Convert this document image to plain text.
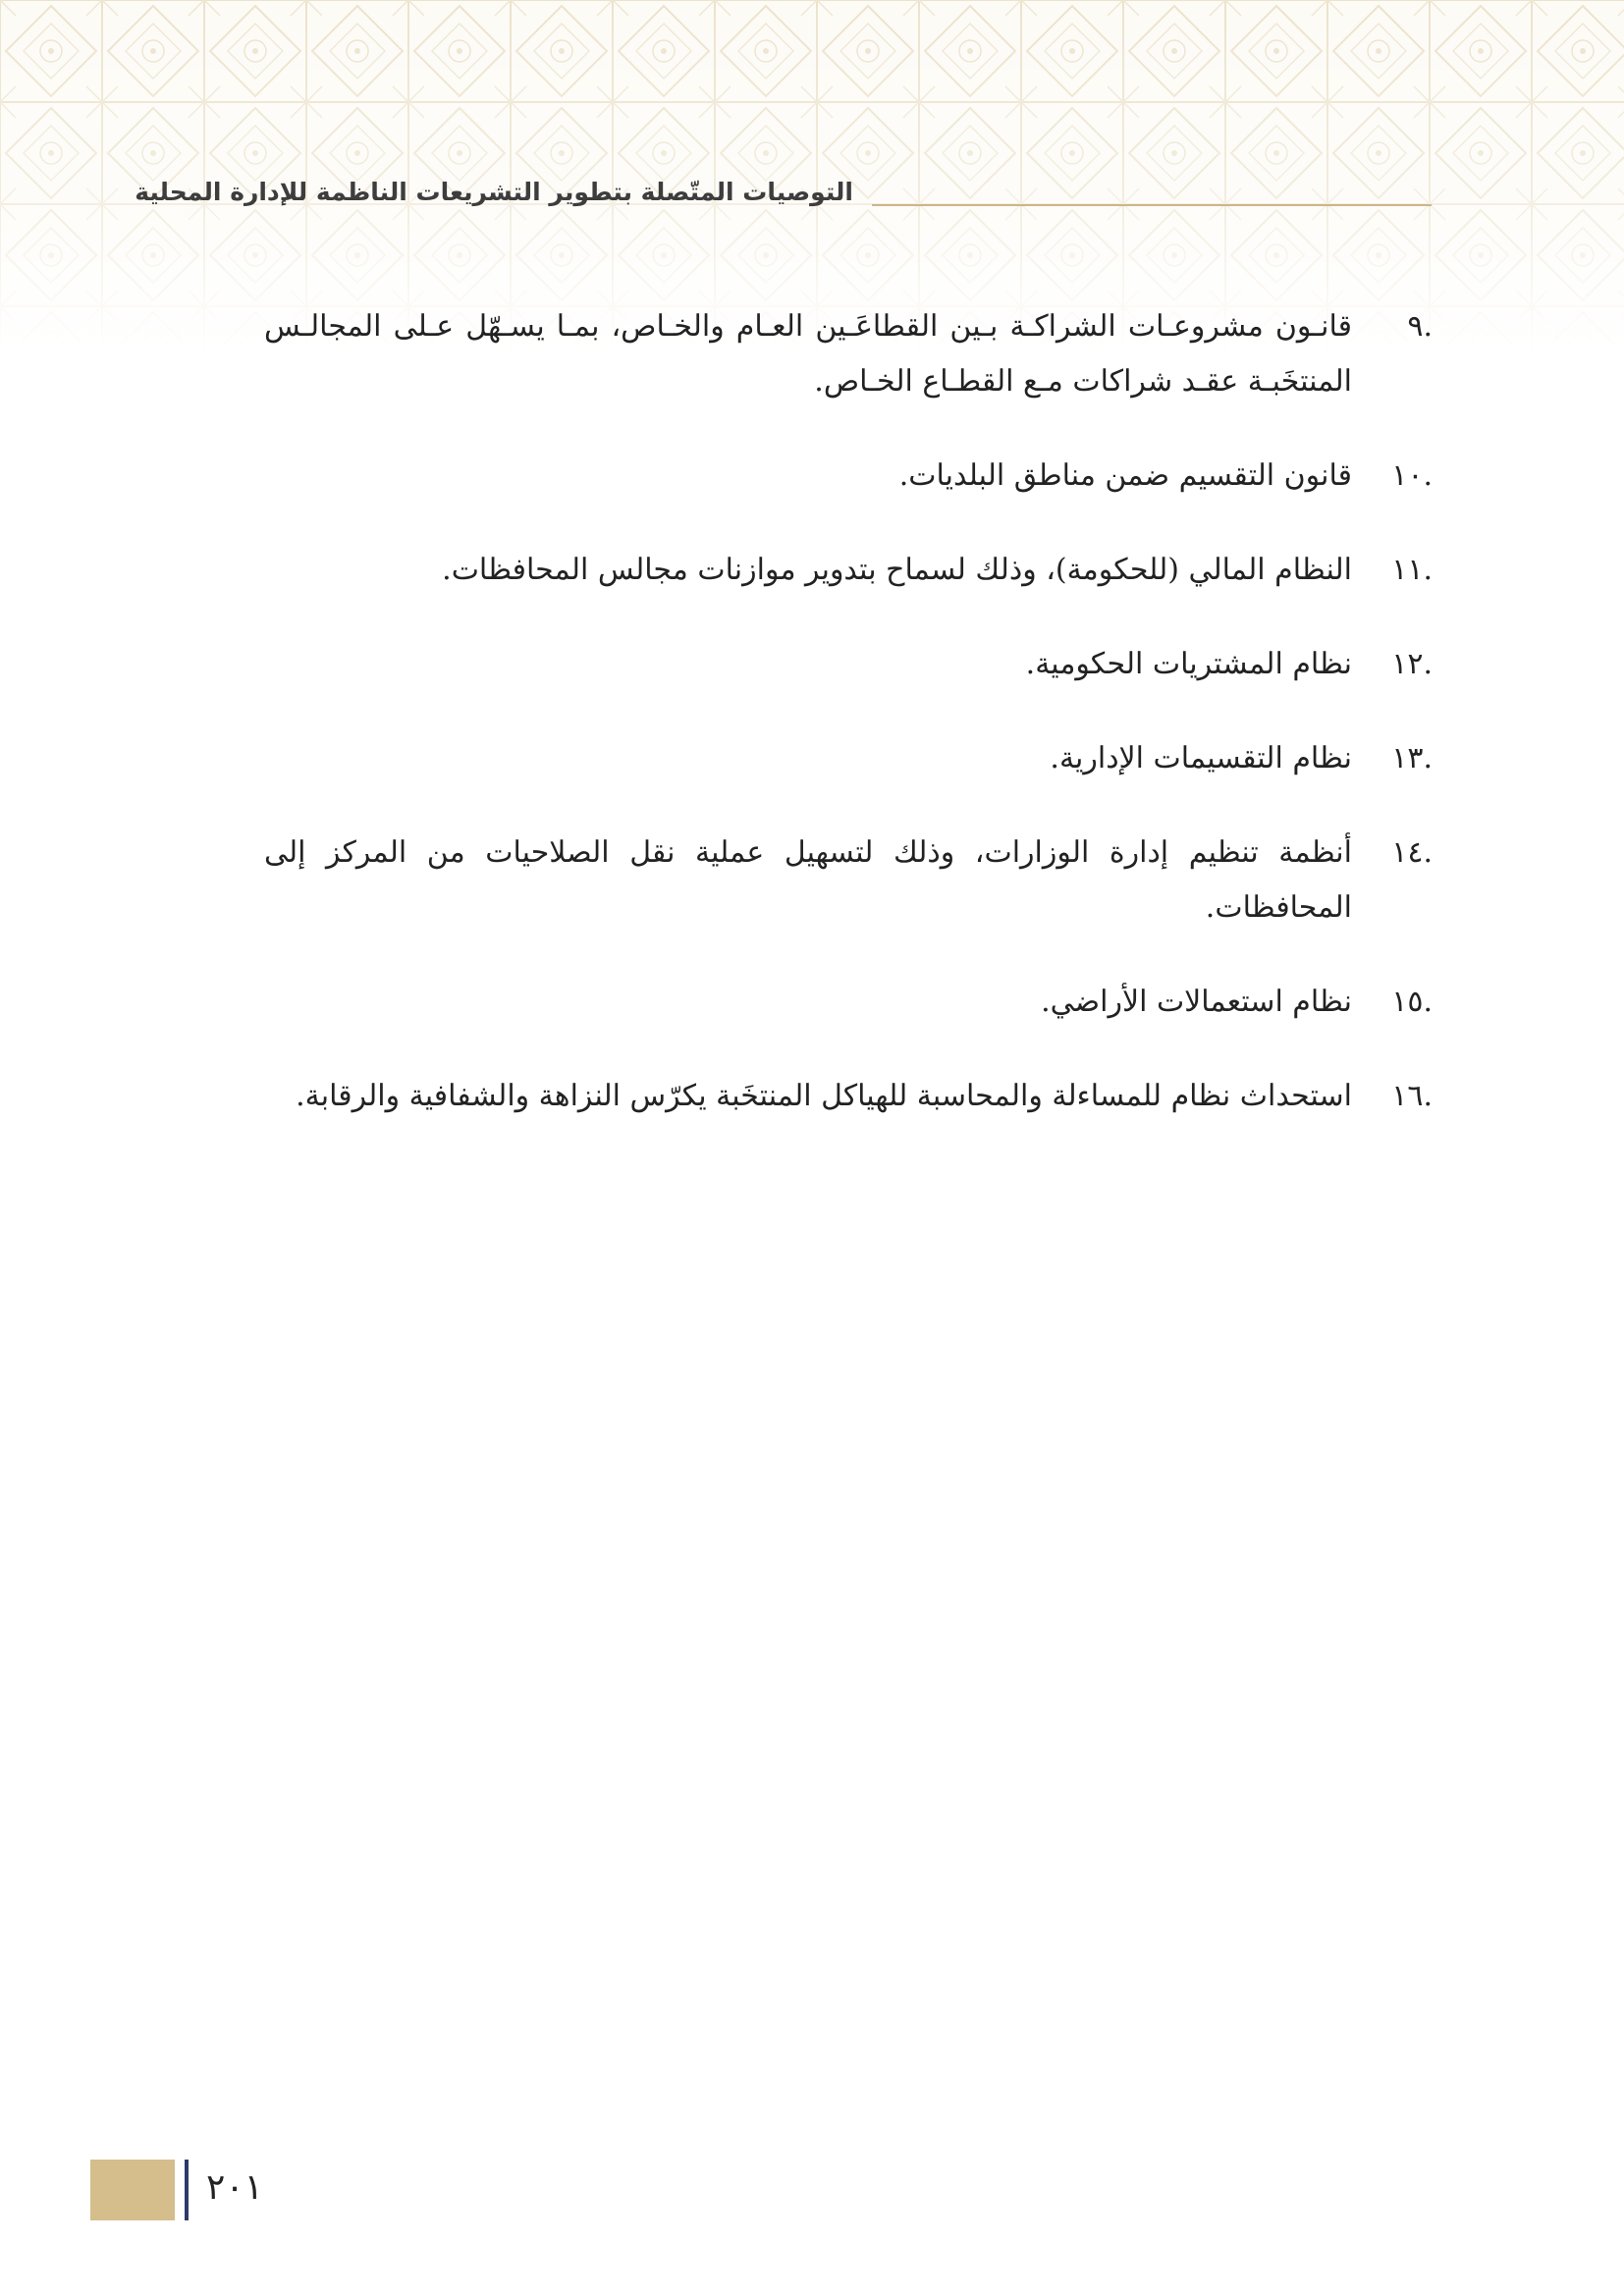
التوصيات المتّصلة بتطوير التشريعات الناظمة للإدارة المحلية
.٩
قانـون مشروعـات الشراكـة بـين القطاعَـين العـام والخـاص، بمـا يسـهّل عـلى المجالـس المنتخَبـة عقـد شراكات مـع القطـاع الخـاص.
.١٠
قانون التقسيم ضمن مناطق البلديات.
.١١
النظام المالي (للحكومة)، وذلك لسماح بتدوير موازنات مجالس المحافظات.
.١٢
نظام المشتريات الحكومية.
.١٣
نظام التقسيمات الإدارية.
.١٤
أنظمة تنظيم إدارة الوزارات، وذلك لتسهيل عملية نقل الصلاحيات من المركز إلى المحافظات.
.١٥
نظام استعمالات الأراضي.
.١٦
استحداث نظام للمساءلة والمحاسبة للهياكل المنتخَبة يكرّس النزاهة والشفافية والرقابة.
٢٠١
